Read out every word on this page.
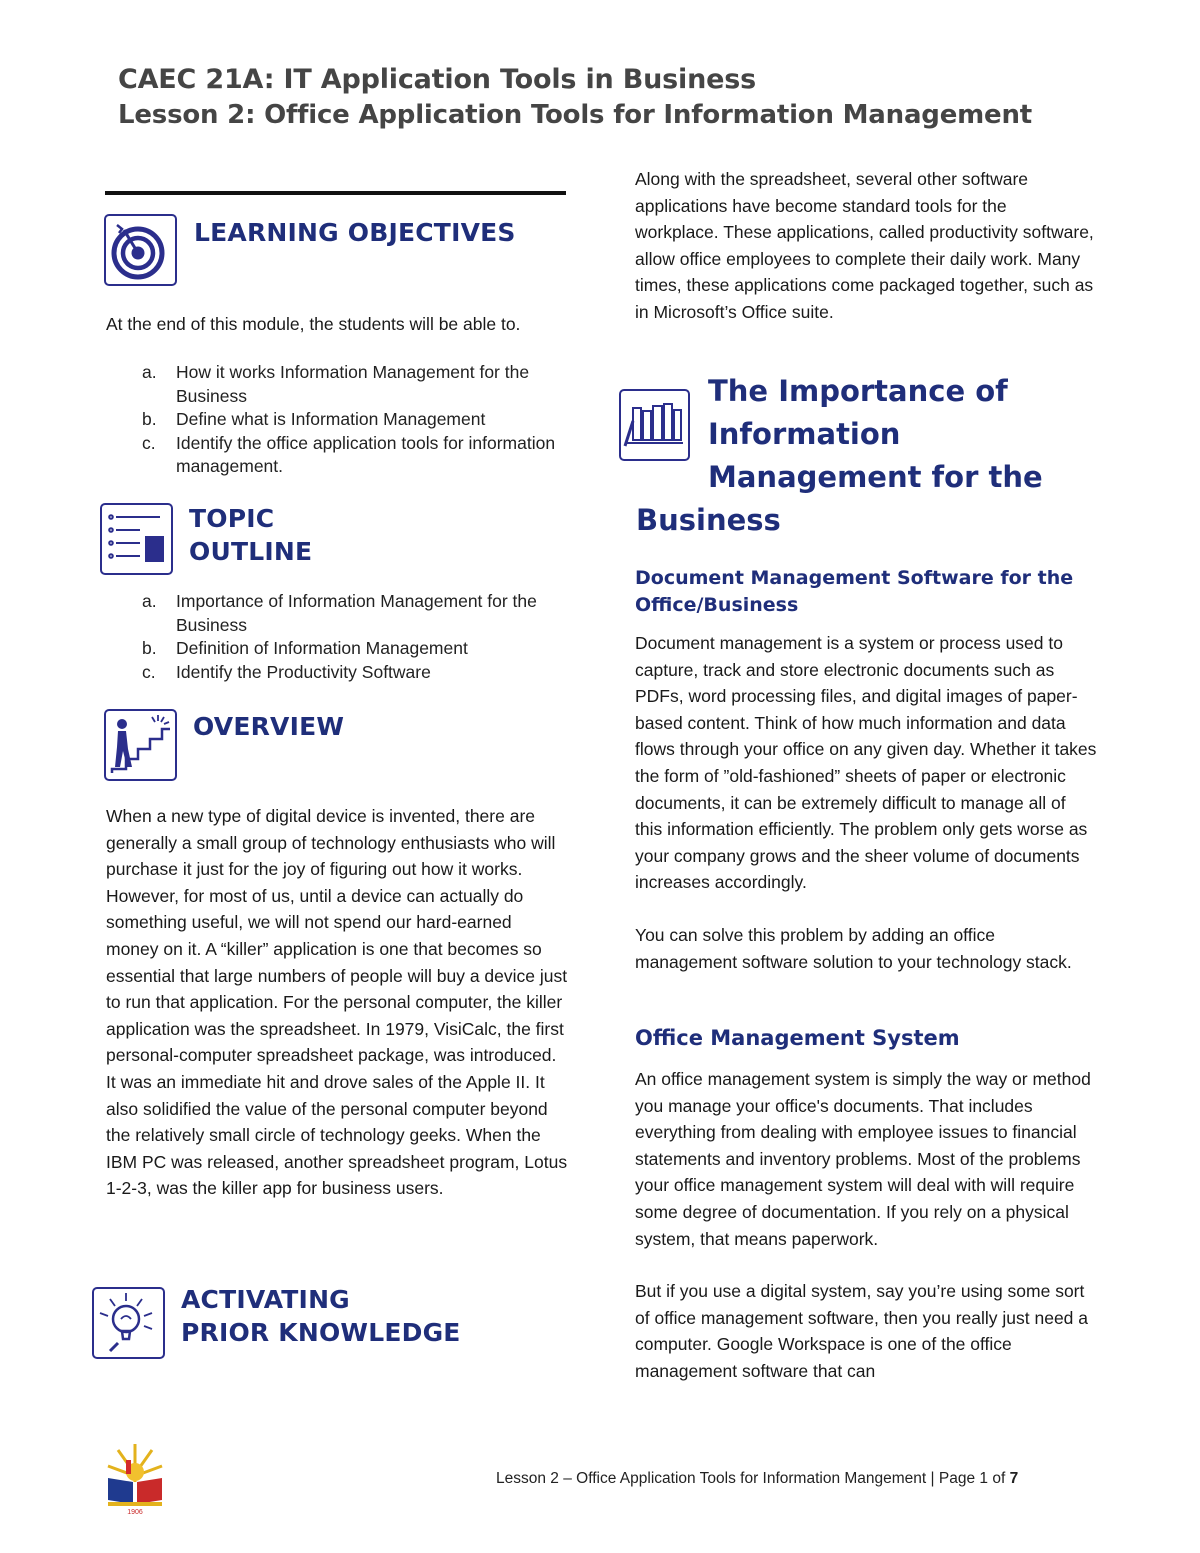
CAEC 21A: IT Application Tools in Business
Lesson 2: Office Application Tools for Information Management
LEARNING OBJECTIVES
At the end of this module, the students will be able to.
a. How it works Information Management for the Business
b. Define what is Information Management
c. Identify the office application tools for information management.
TOPIC
OUTLINE
a. Importance of Information Management for the Business
b. Definition of Information Management
c. Identify the Productivity Software
OVERVIEW
When a new type of digital device is invented, there are generally a small group of technology enthusiasts who will purchase it just for the joy of figuring out how it works. However, for most of us, until a device can actually do something useful, we will not spend our hard-earned money on it. A “killer” application is one that becomes so essential that large numbers of people will buy a device just to run that application. For the personal computer, the killer application was the spreadsheet. In 1979, VisiCalc, the first personal-computer spreadsheet package, was introduced. It was an immediate hit and drove sales of the Apple II. It also solidified the value of the personal computer beyond the relatively small circle of technology geeks. When the IBM PC was released, another spreadsheet program, Lotus 1-2-3, was the killer app for business users.
ACTIVATING
PRIOR KNOWLEDGE
Along with the spreadsheet, several other software applications have become standard tools for the workplace. These applications, called productivity software, allow office employees to complete their daily work. Many times, these applications come packaged together, such as in Microsoft’s Office suite.
The Importance of
Information
Management for the
Business
Document Management Software for the Office/Business
Document management is a system or process used to capture, track and store electronic documents such as PDFs, word processing files, and digital images of paper-based content. Think of how much information and data flows through your office on any given day. Whether it takes the form of ”old-fashioned” sheets of paper or electronic documents, it can be extremely difficult to manage all of this information efficiently. The problem only gets worse as your company grows and the sheer volume of documents increases accordingly.
You can solve this problem by adding an office management software solution to your technology stack.
Office Management System
An office management system is simply the way or method you manage your office's documents. That includes everything from dealing with employee issues to financial statements and inventory problems. Most of the problems your office management system will deal with will require some degree of documentation. If you rely on a physical system, that means paperwork.
But if you use a digital system, say you’re using some sort of office management software, then you really just need a computer. Google Workspace is one of the office management software that can
1906
Lesson 2 – Office Application Tools for Information Mangement | Page 1 of 7
